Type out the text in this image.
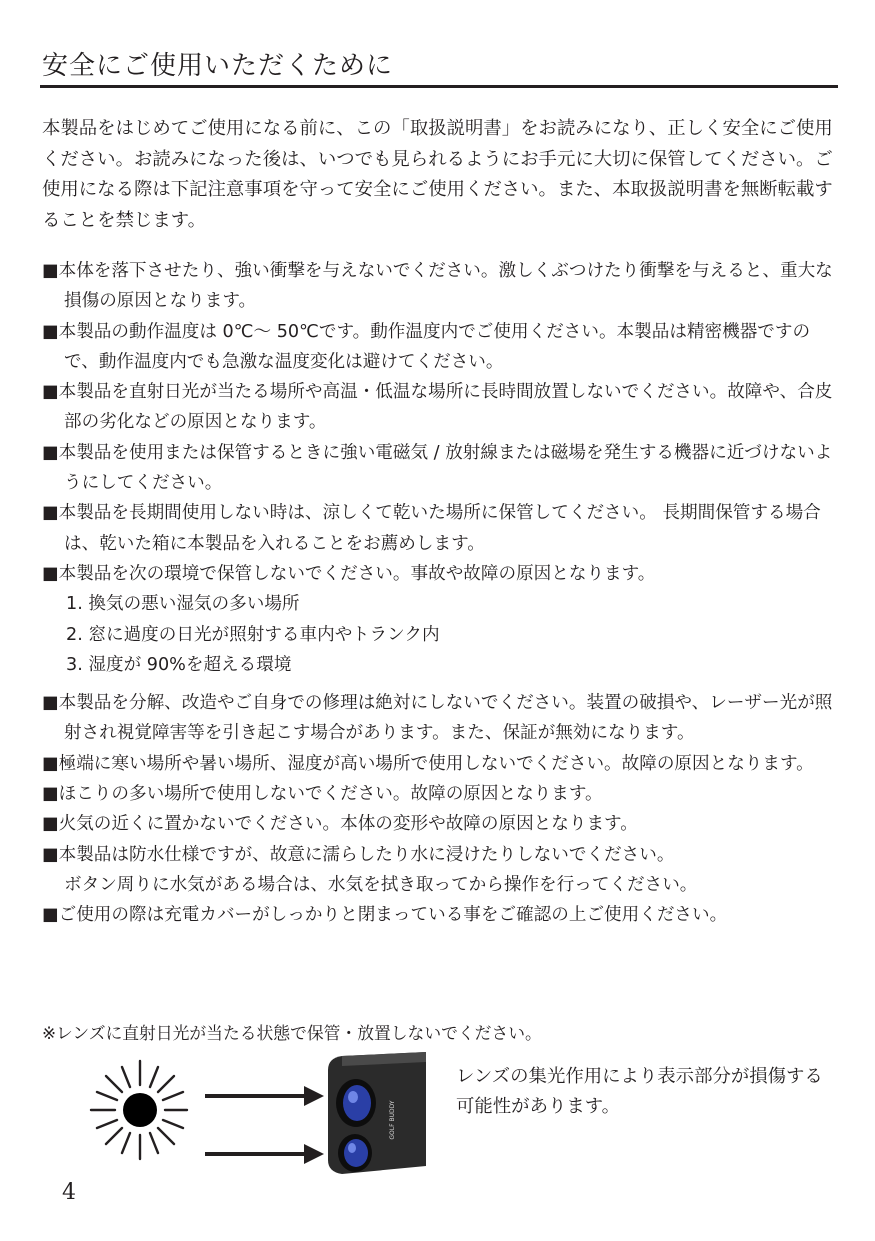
安全にご使用いただくために

本製品をはじめてご使用になる前に、この「取扱説明書」をお読みになり、正しく安全にご使用ください。お読みになった後は、いつでも見られるようにお手元に大切に保管してください。ご使用になる際は下記注意事項を守って安全にご使用ください。また、本取扱説明書を無断転載することを禁じます。

■本体を落下させたり、強い衝撃を与えないでください。激しくぶつけたり衝撃を与えると、重大な損傷の原因となります。

■本製品の動作温度は 0℃～ 50℃です。動作温度内でご使用ください。本製品は精密機器ですので、動作温度内でも急激な温度変化は避けてください。

■本製品を直射日光が当たる場所や高温・低温な場所に長時間放置しないでください。故障や、合皮部の劣化などの原因となります。

■本製品を使用または保管するときに強い電磁気 / 放射線または磁場を発生する機器に近づけないようにしてください。

■本製品を長期間使用しない時は、涼しくて乾いた場所に保管してください。 長期間保管する場合は、乾いた箱に本製品を入れることをお薦めします。

■本製品を次の環境で保管しないでください。事故や故障の原因となります。

1. 換気の悪い湿気の多い場所

2. 窓に過度の日光が照射する車内やトランク内

3. 湿度が 90%を超える環境

■本製品を分解、改造やご自身での修理は絶対にしないでください。装置の破損や、レーザー光が照射され視覚障害等を引き起こす場合があります。また、保証が無効になります。

■極端に寒い場所や暑い場所、湿度が高い場所で使用しないでください。故障の原因となります。

■ほこりの多い場所で使用しないでください。故障の原因となります。

■火気の近くに置かないでください。本体の変形や故障の原因となります。

■本製品は防水仕様ですが、故意に濡らしたり水に浸けたりしないでください。
ボタン周りに水気がある場合は、水気を拭き取ってから操作を行ってください。

■ご使用の際は充電カバーがしっかりと閉まっている事をご確認の上ご使用ください。

※レンズに直射日光が当たる状態で保管・放置しないでください。

GOLF BUDDY

レンズの集光作用により表示部分が損傷する可能性があります。

4
